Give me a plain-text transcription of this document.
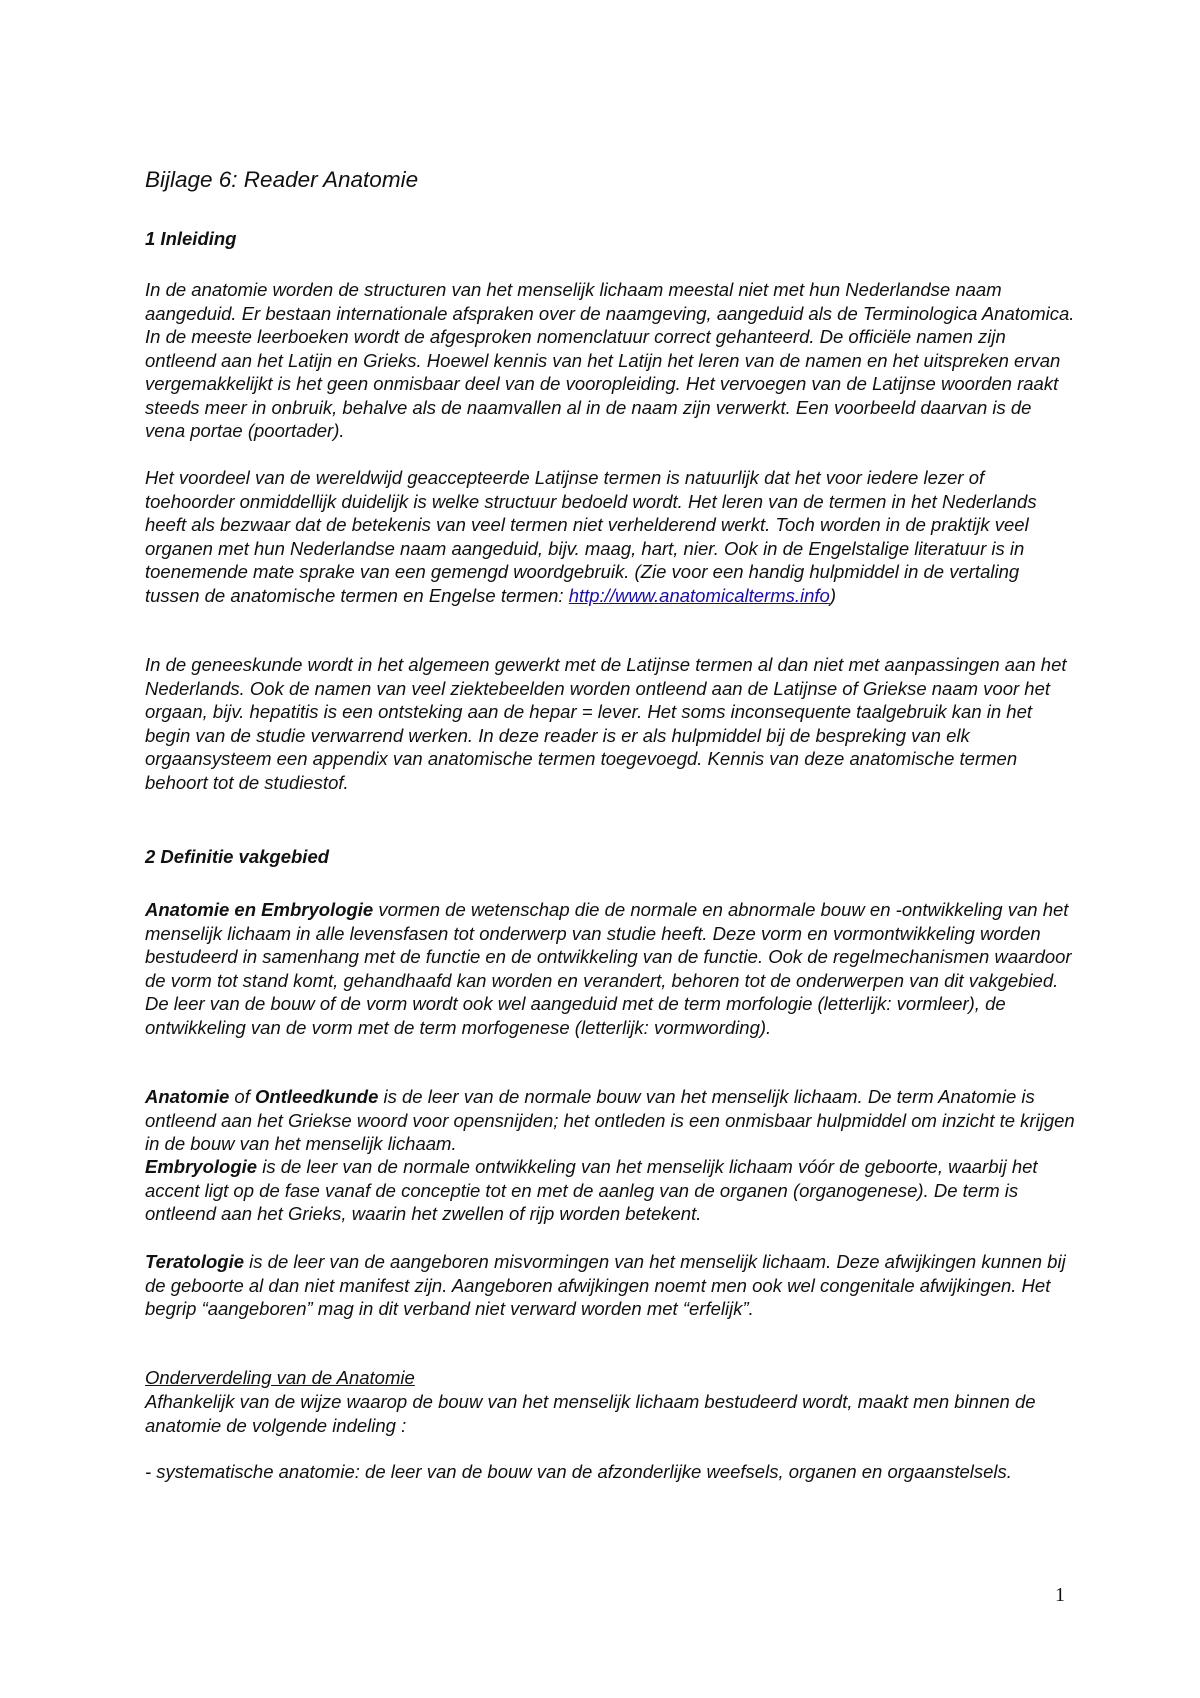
Bijlage 6: Reader Anatomie
1 Inleiding
In de anatomie worden de structuren van het menselijk lichaam meestal niet met hun Nederlandse naam aangeduid. Er bestaan internationale afspraken over de naamgeving, aangeduid als de Terminologica Anatomica. In de meeste leerboeken wordt de afgesproken nomenclatuur correct gehanteerd. De officiële namen zijn ontleend aan het Latijn en Grieks. Hoewel kennis van het Latijn het leren van de namen en het uitspreken ervan vergemakkelijkt is het geen onmisbaar deel van de vooropleiding. Het vervoegen van de Latijnse woorden raakt steeds meer in onbruik, behalve als de naamvallen al in de naam zijn verwerkt. Een voorbeeld daarvan is de vena portae (poortader).
Het voordeel van de wereldwijd geaccepteerde Latijnse termen is natuurlijk dat het voor iedere lezer of toehoorder onmiddellijk duidelijk is welke structuur bedoeld wordt. Het leren van de termen in het Nederlands heeft als bezwaar dat de betekenis van veel termen niet verhelderend werkt. Toch worden in de praktijk veel organen met hun Nederlandse naam aangeduid, bijv. maag, hart, nier. Ook in de Engelstalige literatuur is in toenemende mate sprake van een gemengd woordgebruik. (Zie voor een handig hulpmiddel in de vertaling tussen de anatomische termen en Engelse termen: http://www.anatomicalterms.info)
In de geneeskunde wordt in het algemeen gewerkt met de Latijnse termen al dan niet met aanpassingen aan het Nederlands. Ook de namen van veel ziektebeelden worden ontleend aan de Latijnse of Griekse naam voor het orgaan, bijv. hepatitis is een ontsteking aan de hepar = lever. Het soms inconsequente taalgebruik kan in het begin van de studie verwarrend werken. In deze reader is er als hulpmiddel bij de bespreking van elk orgaansysteem een appendix van anatomische termen toegevoegd. Kennis van deze anatomische termen behoort tot de studiestof.
2 Definitie vakgebied
Anatomie en Embryologie vormen de wetenschap die de normale en abnormale bouw en -ontwikkeling van het menselijk lichaam in alle levensfasen tot onderwerp van studie heeft. Deze vorm en vormontwikkeling worden bestudeerd in samenhang met de functie en de ontwikkeling van de functie. Ook de regelmechanismen waardoor de vorm tot stand komt, gehandhaafd kan worden en verandert, behoren tot de onderwerpen van dit vakgebied. De leer van de bouw of de vorm wordt ook wel aangeduid met de term morfologie (letterlijk: vormleer), de ontwikkeling van de vorm met de term morfogenese (letterlijk: vormwording).
Anatomie of Ontleedkunde is de leer van de normale bouw van het menselijk lichaam. De term Anatomie is ontleend aan het Griekse woord voor opensnijden; het ontleden is een onmisbaar hulpmiddel om inzicht te krijgen in de bouw van het menselijk lichaam.
Embryologie is de leer van de normale ontwikkeling van het menselijk lichaam vóór de geboorte, waarbij het accent ligt op de fase vanaf de conceptie tot en met de aanleg van de organen (organogenese). De term is ontleend aan het Grieks, waarin het zwellen of rijp worden betekent.
Teratologie is de leer van de aangeboren misvormingen van het menselijk lichaam. Deze afwijkingen kunnen bij de geboorte al dan niet manifest zijn. Aangeboren afwijkingen noemt men ook wel congenitale afwijkingen. Het begrip “aangeboren” mag in dit verband niet verward worden met “erfelijk”.
Onderverdeling van de Anatomie
Afhankelijk van de wijze waarop de bouw van het menselijk lichaam bestudeerd wordt, maakt men binnen de anatomie de volgende indeling :
- systematische anatomie: de leer van de bouw van de afzonderlijke weefsels, organen en orgaanstelsels.
1
